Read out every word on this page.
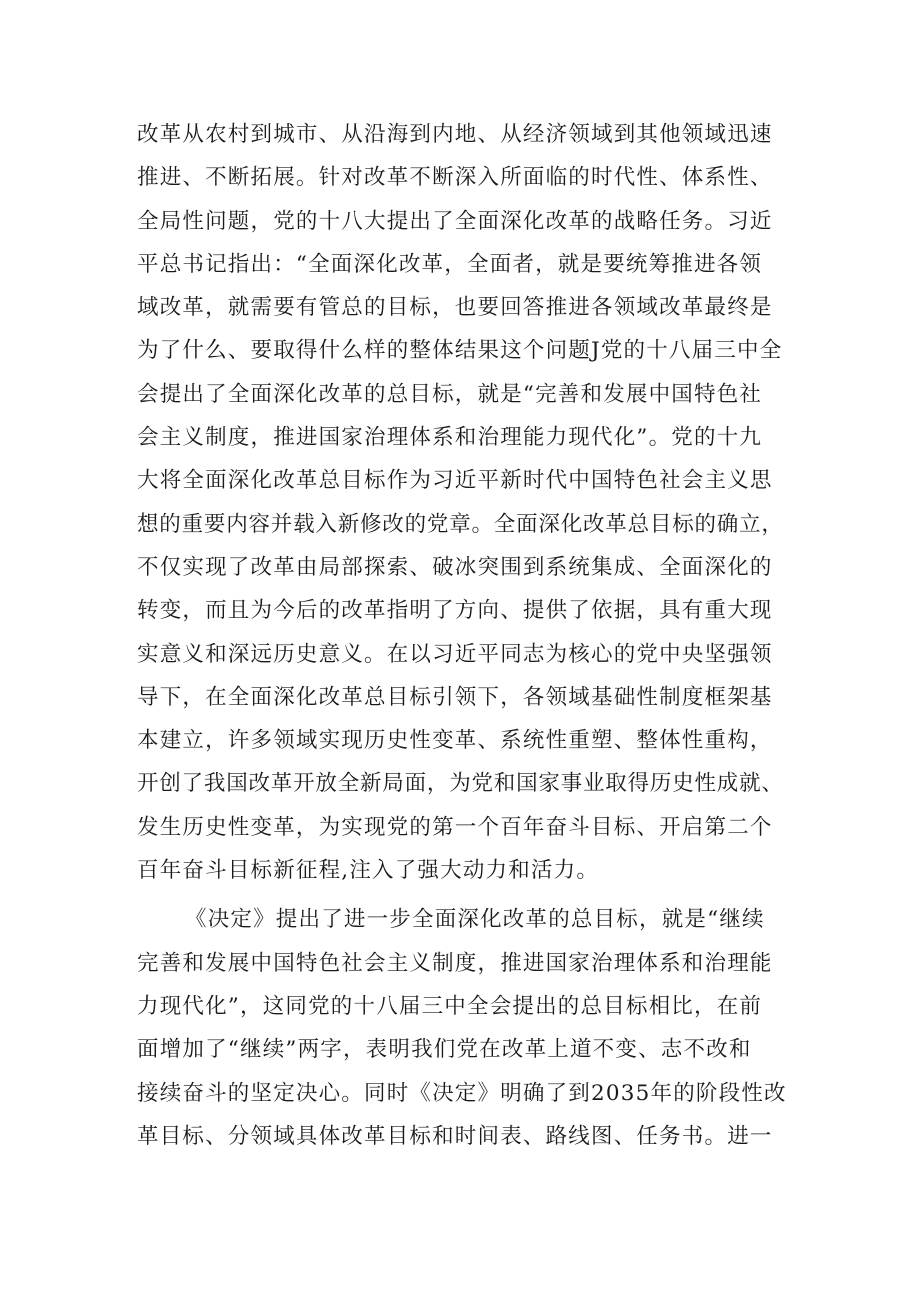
改革从农村到城市、从沿海到内地、从经济领域到其他领域迅速
推进、不断拓展。针对改革不断深入所面临的时代性、体系性、
全局性问题，党的十八大提出了全面深化改革的战略任务。习近
平总书记指出：“全面深化改革，全面者，就是要统筹推进各领
域改革，就需要有管总的目标，也要回答推进各领域改革最终是
为了什么、要取得什么样的整体结果这个问题J党的十八届三中全
会提出了全面深化改革的总目标，就是“完善和发展中国特色社
会主义制度，推进国家治理体系和治理能力现代化”。党的十九
大将全面深化改革总目标作为习近平新时代中国特色社会主义思
想的重要内容并载入新修改的党章。全面深化改革总目标的确立，
不仅实现了改革由局部探索、破冰突围到系统集成、全面深化的
转变，而且为今后的改革指明了方向、提供了依据，具有重大现
实意义和深远历史意义。在以习近平同志为核心的党中央坚强领
导下，在全面深化改革总目标引领下，各领域基础性制度框架基
本建立，许多领域实现历史性变革、系统性重塑、整体性重构，
开创了我国改革开放全新局面，为党和国家事业取得历史性成就、
发生历史性变革，为实现党的第一个百年奋斗目标、开启第二个
百年奋斗目标新征程,注入了强大动力和活力。
《决定》提出了进一步全面深化改革的总目标，就是“继续
完善和发展中国特色社会主义制度，推进国家治理体系和治理能
力现代化”，这同党的十八届三中全会提出的总目标相比，在前
面增加了“继续”两字，表明我们党在改革上道不变、志不改和
接续奋斗的坚定决心。同时《决定》明确了到2035年的阶段性改
革目标、分领域具体改革目标和时间表、路线图、任务书。进一
